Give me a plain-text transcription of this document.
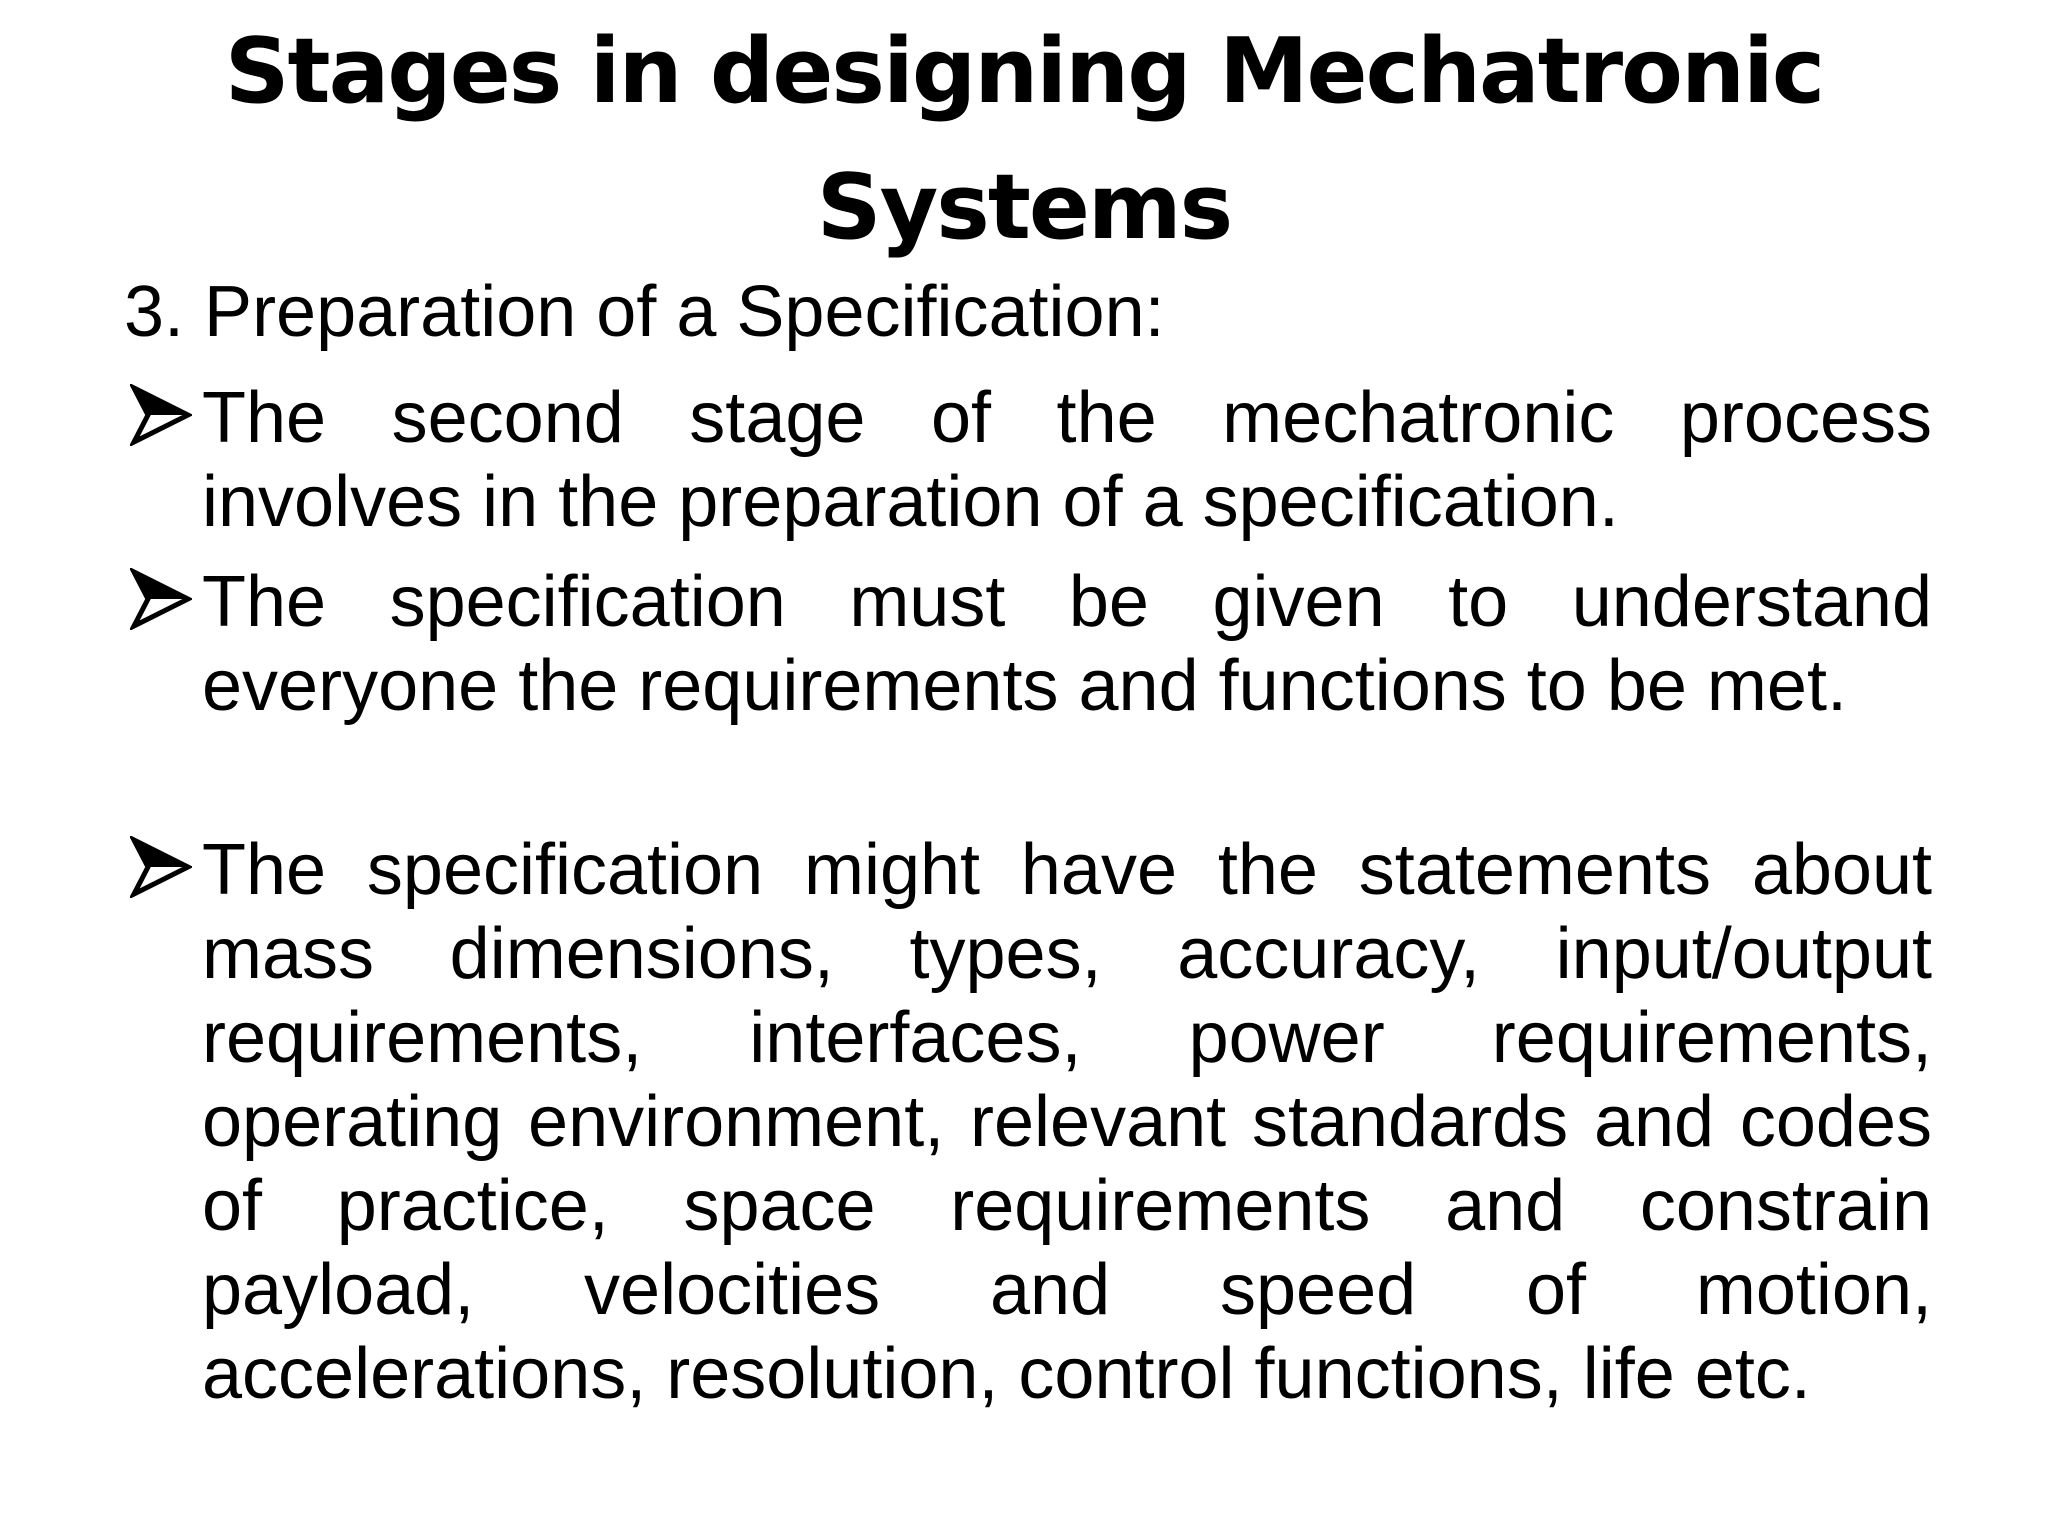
Stages in designing Mechatronic Systems

3. Preparation of a Specification:

The second stage of the mechatronic process involves in the preparation of a specification.

The specification must be given to understand everyone the requirements and functions to be met.

The specification might have the statements about mass dimensions, types, accuracy, input/output requirements, interfaces, power requirements, operating environment, relevant standards and codes of practice, space requirements and constrain payload, velocities and speed of motion, accelerations, resolution, control functions, life etc.
